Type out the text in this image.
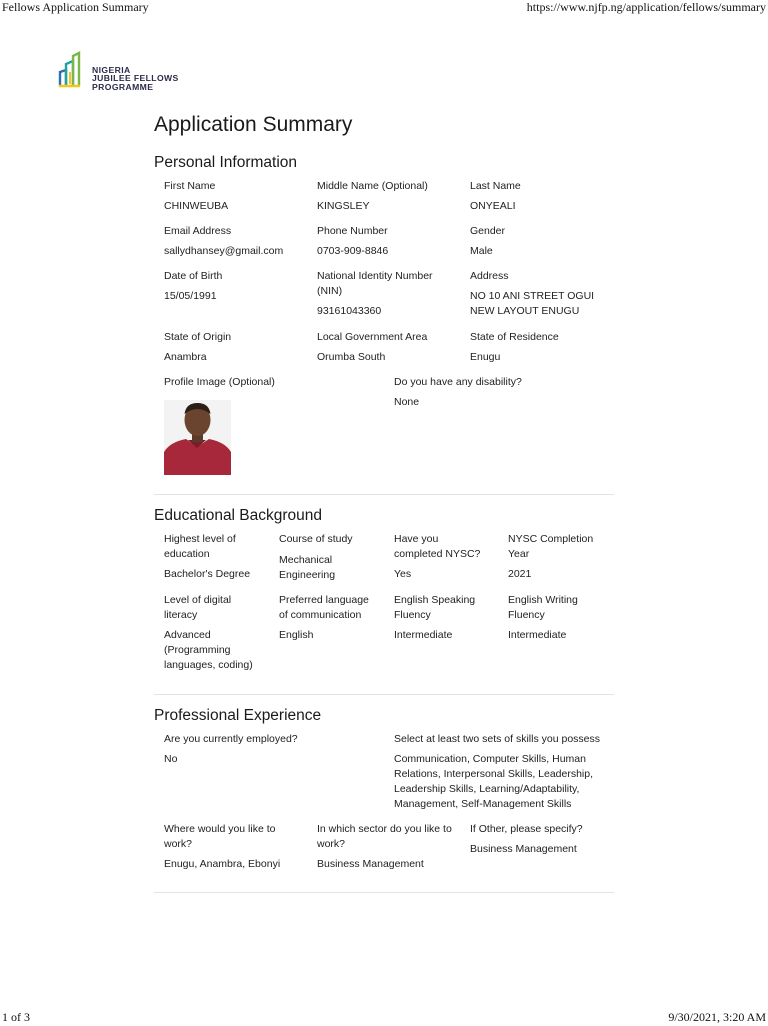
Fellows Application Summary	https://www.njfp.ng/application/fellows/summary
NIGERIA
JUBILEE FELLOWS
PROGRAMME
Application Summary
Personal Information
First Name
CHINWEUBA
Middle Name (Optional)
KINGSLEY
Last Name
ONYEALI
Email Address
sallydhansey@gmail.com
Phone Number
0703-909-8846
Gender
Male
Date of Birth
15/05/1991
National Identity Number (NIN)
93161043360
Address
NO 10 ANI STREET OGUI NEW LAYOUT ENUGU
State of Origin
Anambra
Local Government Area
Orumba South
State of Residence
Enugu
Profile Image (Optional)	Do you have any disability?
None
Educational Background
Highest level of education
Bachelor's Degree
Course of study
Mechanical Engineering
Have you completed NYSC?
Yes
NYSC Completion Year
2021
Level of digital literacy
Advanced (Programming languages, coding)
Preferred language of communication
English
English Speaking Fluency
Intermediate
English Writing Fluency
Intermediate
Professional Experience
Are you currently employed?
No
Select at least two sets of skills you possess
Communication, Computer Skills, Human Relations, Interpersonal Skills, Leadership, Leadership Skills, Learning/Adaptability, Management, Self-Management Skills
Where would you like to work?
Enugu, Anambra, Ebonyi
In which sector do you like to work?
Business Management
If Other, please specify?
Business Management
1 of 3	9/30/2021, 3:20 AM
